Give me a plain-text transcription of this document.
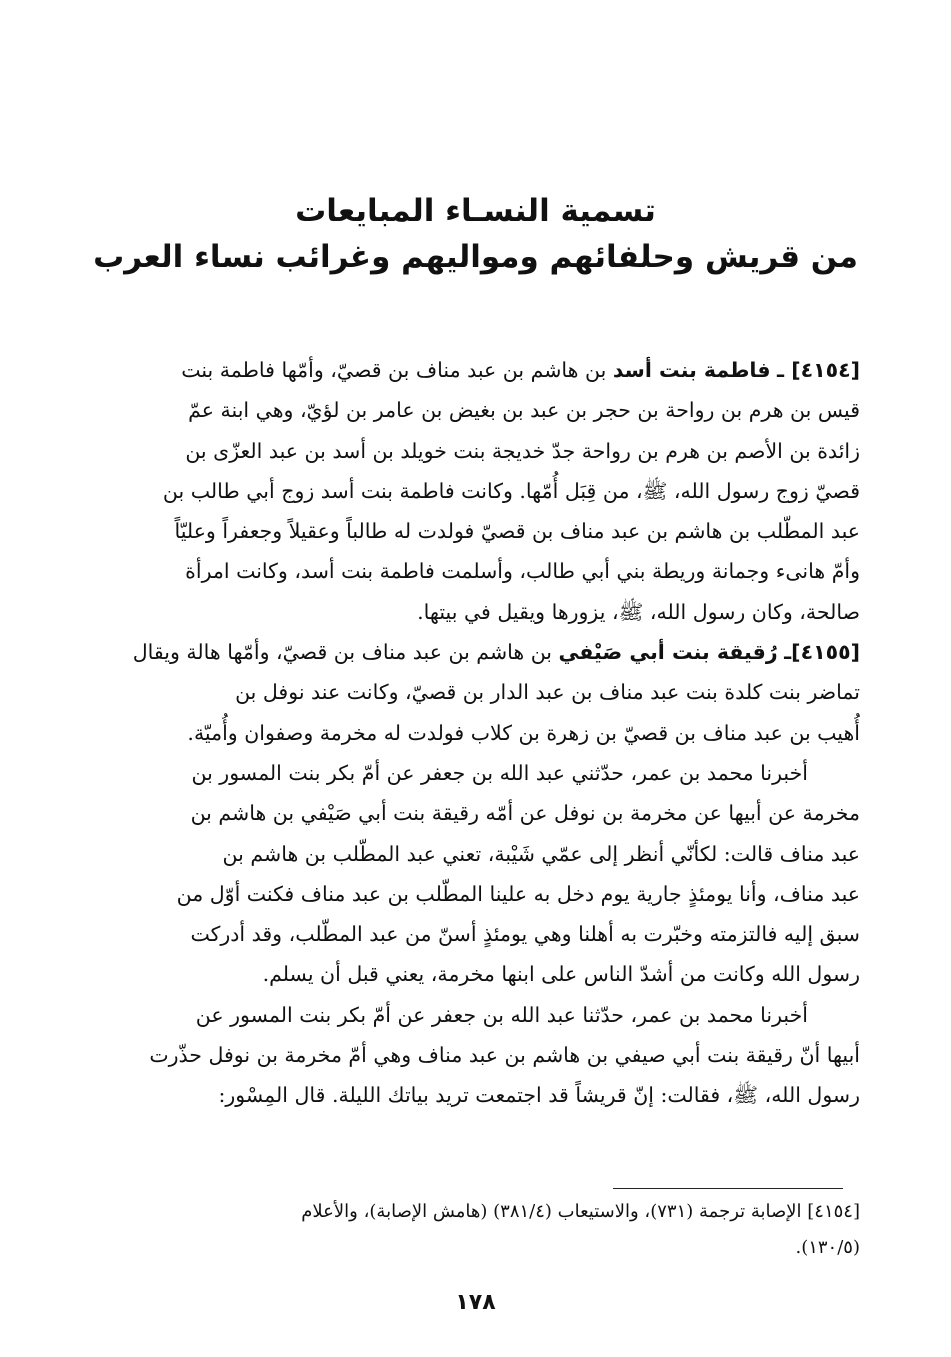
تسمية النسـاء المبايعات
من قريش وحلفائهم ومواليهم وغرائب نساء العرب
[٤١٥٤] ـ فاطمة بنت أسد بن هاشم بن عبد مناف بن قصيّ، وأمّها فاطمة بنت
قيس بن هرم بن رواحة بن حجر بن عبد بن بغيض بن عامر بن لؤيّ، وهي ابنة عمّ
زائدة بن الأصم بن هرم بن رواحة جدّ خديجة بنت خويلد بن أسد بن عبد العزّى بن
قصيّ زوج رسول الله، ﷺ، من قِبَل أُمّها. وكانت فاطمة بنت أسد زوج أبي طالب بن
عبد المطّلب بن هاشم بن عبد مناف بن قصيّ فولدت له طالباً وعقيلاً وجعفراً وعليّاً
وأمّ هانىء وجمانة وريطة بني أبي طالب، وأسلمت فاطمة بنت أسد، وكانت امرأة
صالحة، وكان رسول الله، ﷺ، يزورها ويقيل في بيتها.
[٤١٥٥]ـ رُقيقة بنت أبي صَيْفي بن هاشم بن عبد مناف بن قصيّ، وأمّها هالة ويقال
تماضر بنت كلدة بنت عبد مناف بن عبد الدار بن قصيّ، وكانت عند نوفل بن
أُهيب بن عبد مناف بن قصيّ بن زهرة بن كلاب فولدت له مخرمة وصفوان وأُميّة.
أخبرنا محمد بن عمر، حدّثني عبد الله بن جعفر عن أمّ بكر بنت المسور بن
مخرمة عن أبيها عن مخرمة بن نوفل عن أمّه رقيقة بنت أبي صَيْفي بن هاشم بن
عبد مناف قالت: لكأنّي أنظر إلى عمّي شَيْبة، تعني عبد المطّلب بن هاشم بن
عبد مناف، وأنا يومئذٍ جارية يوم دخل به علينا المطّلب بن عبد مناف فكنت أوّل من
سبق إليه فالتزمته وخبّرت به أهلنا وهي يومئذٍ أسنّ من عبد المطّلب، وقد أدركت
رسول الله وكانت من أشدّ الناس على ابنها مخرمة، يعني قبل أن يسلم.
أخبرنا محمد بن عمر، حدّثنا عبد الله بن جعفر عن أمّ بكر بنت المسور عن
أبيها أنّ رقيقة بنت أبي صيفي بن هاشم بن عبد مناف وهي أمّ مخرمة بن نوفل حذّرت
رسول الله، ﷺ، فقالت: إنّ قريشاً قد اجتمعت تريد بياتك الليلة. قال المِسْور:
[٤١٥٤] الإصابة ترجمة (٧٣١)، والاستيعاب (٣٨١/٤) (هامش الإصابة)، والأعلام
(١٣٠/٥).
١٧٨
